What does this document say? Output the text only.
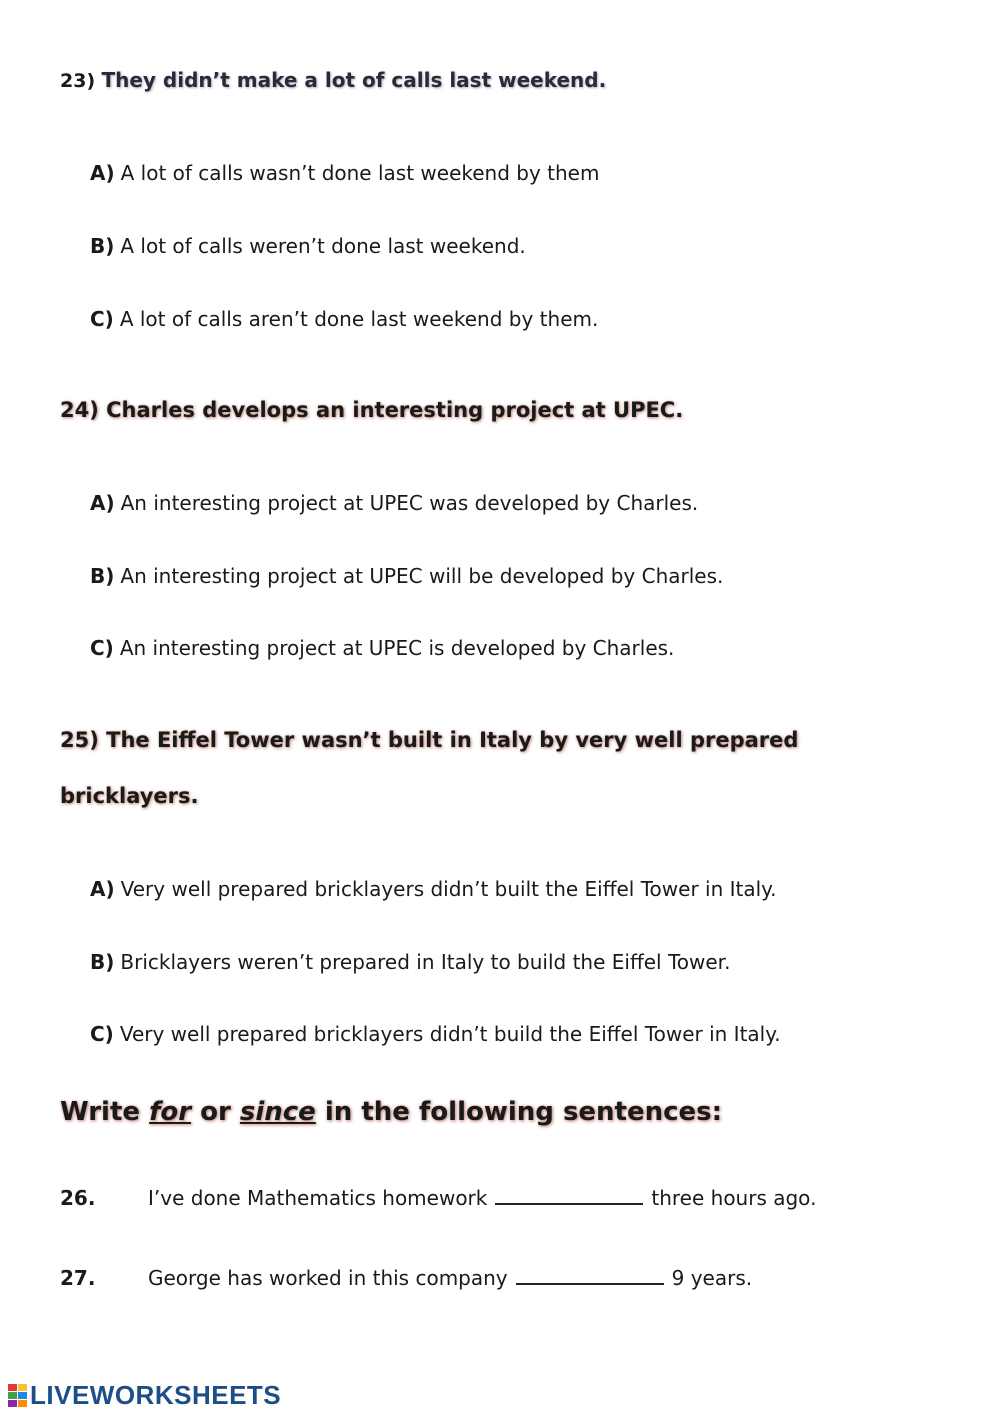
23) They didn’t make a lot of calls last weekend.
A) A lot of calls wasn’t done last weekend by them
B) A lot of calls weren’t done last weekend.
C) A lot of calls aren’t done last weekend by them.
24) Charles develops an interesting project at UPEC.
A) An interesting project at UPEC was developed by Charles.
B) An interesting project at UPEC will be developed by Charles.
C) An interesting project at UPEC is developed by Charles.
25) The Eiffel Tower wasn’t built in Italy by very well prepared
bricklayers.
A) Very well prepared bricklayers didn’t built the Eiffel Tower in Italy.
B) Bricklayers weren’t prepared in Italy to build the Eiffel Tower.
C) Very well prepared bricklayers didn’t build the Eiffel Tower in Italy.
Write for or since in the following sentences:
26.	I’ve done Mathematics homework	three hours ago.
27.	George has worked in this company	9 years.
LIVEWORKSHEETS
